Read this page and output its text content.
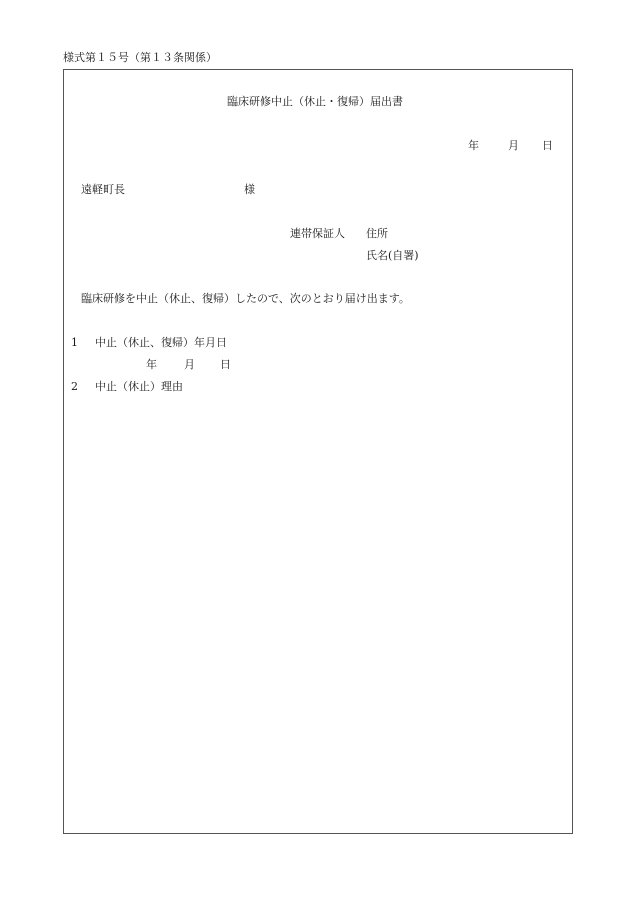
様式第１５号（第１３条関係）
臨床研修中止（休止・復帰）届出書
年	月 日
遠軽町長	様
連帯保証人 住所
氏名(自署)
臨床研修を中止（休止、復帰）したので、次のとおり届け出ます。
1 中止（休止、復帰）年月日
年 月 日
2 中止（休止）理由
